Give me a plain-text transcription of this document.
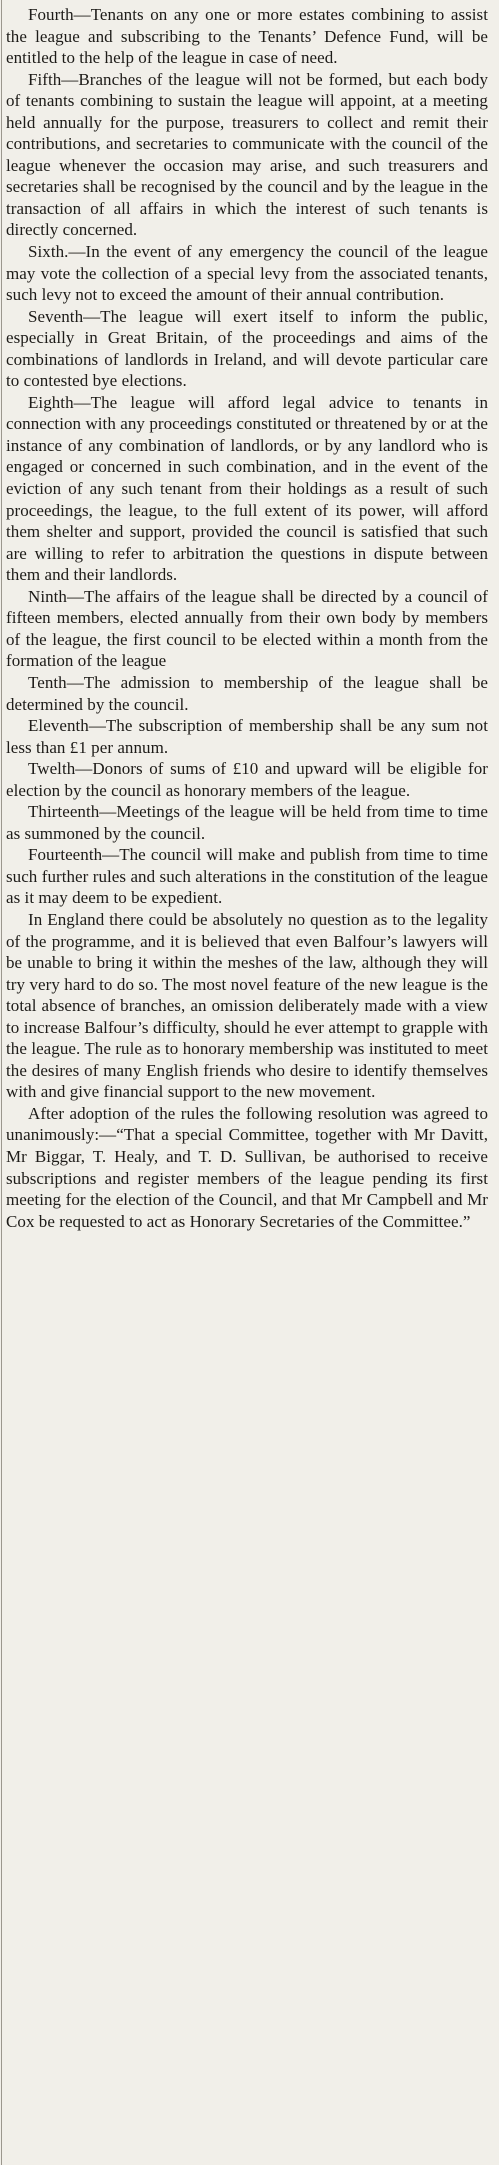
Fourth—Tenants on any one or more estates combining to assist the league and subscribing to the Tenants’ Defence Fund, will be entitled to the help of the league in case of need.

Fifth—Branches of the league will not be formed, but each body of tenants combining to sustain the league will appoint, at a meeting held annually for the purpose, treasurers to collect and remit their contributions, and secretaries to communicate with the council of the league whenever the occasion may arise, and such treasurers and secretaries shall be recognised by the council and by the league in the transaction of all affairs in which the interest of such tenants is directly concerned.

Sixth.—In the event of any emergency the council of the league may vote the collection of a special levy from the associated tenants, such levy not to exceed the amount of their annual contribution.

Seventh—The league will exert itself to inform the public, especially in Great Britain, of the proceedings and aims of the combinations of landlords in Ireland, and will devote particular care to contested bye elections.

Eighth—The league will afford legal advice to tenants in connection with any proceedings constituted or threatened by or at the instance of any combination of landlords, or by any landlord who is engaged or concerned in such combination, and in the event of the eviction of any such tenant from their holdings as a result of such proceedings, the league, to the full extent of its power, will afford them shelter and support, provided the council is satisfied that such are willing to refer to arbitration the questions in dispute between them and their landlords.

Ninth—The affairs of the league shall be directed by a council of fifteen members, elected annually from their own body by members of the league, the first council to be elected within a month from the formation of the league

Tenth—The admission to membership of the league shall be determined by the council.

Eleventh—The subscription of membership shall be any sum not less than £1 per annum.

Twelth—Donors of sums of £10 and upward will be eligible for election by the council as honorary members of the league.

Thirteenth—Meetings of the league will be held from time to time as summoned by the council.

Fourteenth—The council will make and publish from time to time such further rules and such alterations in the constitution of the league as it may deem to be expedient.

In England there could be absolutely no question as to the legality of the programme, and it is believed that even Balfour’s lawyers will be unable to bring it within the meshes of the law, although they will try very hard to do so. The most novel feature of the new league is the total absence of branches, an omission deliberately made with a view to increase Balfour’s difficulty, should he ever attempt to grapple with the league. The rule as to honorary membership was instituted to meet the desires of many English friends who desire to identify themselves with and give financial support to the new movement.

After adoption of the rules the following resolution was agreed to unanimously:—“That a special Committee, together with Mr Davitt, Mr Biggar, T. Healy, and T. D. Sullivan, be authorised to receive subscriptions and register members of the league pending its first meeting for the election of the Council, and that Mr Campbell and Mr Cox be requested to act as Honorary Secretaries of the Committee.”
